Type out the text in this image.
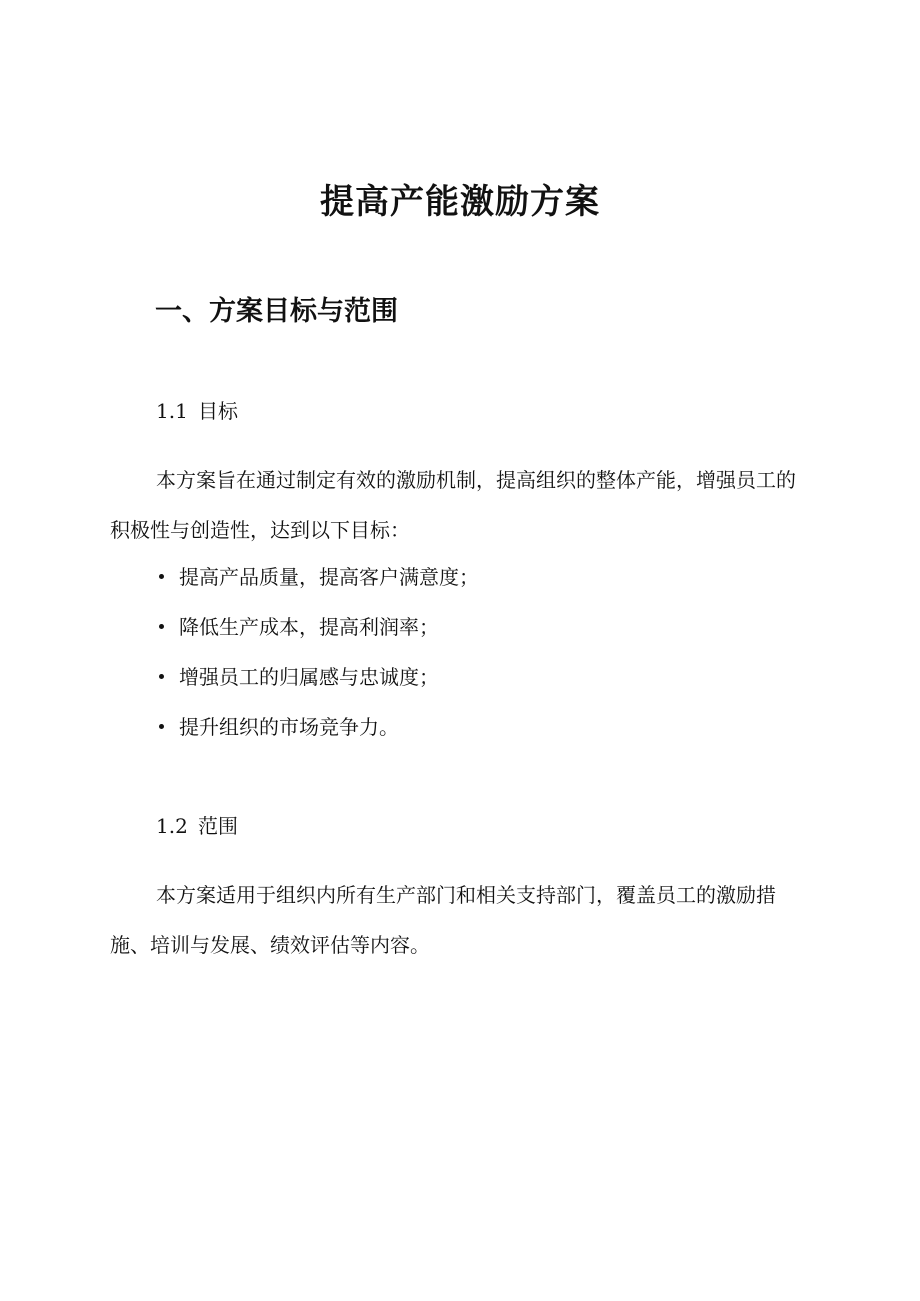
提高产能激励方案
一、方案目标与范围
1.1 目标
本方案旨在通过制定有效的激励机制，提高组织的整体产能，增强员工的积极性与创造性，达到以下目标：
提高产品质量，提高客户满意度；
降低生产成本，提高利润率；
增强员工的归属感与忠诚度；
提升组织的市场竞争力。
1.2 范围
本方案适用于组织内所有生产部门和相关支持部门，覆盖员工的激励措施、培训与发展、绩效评估等内容。
